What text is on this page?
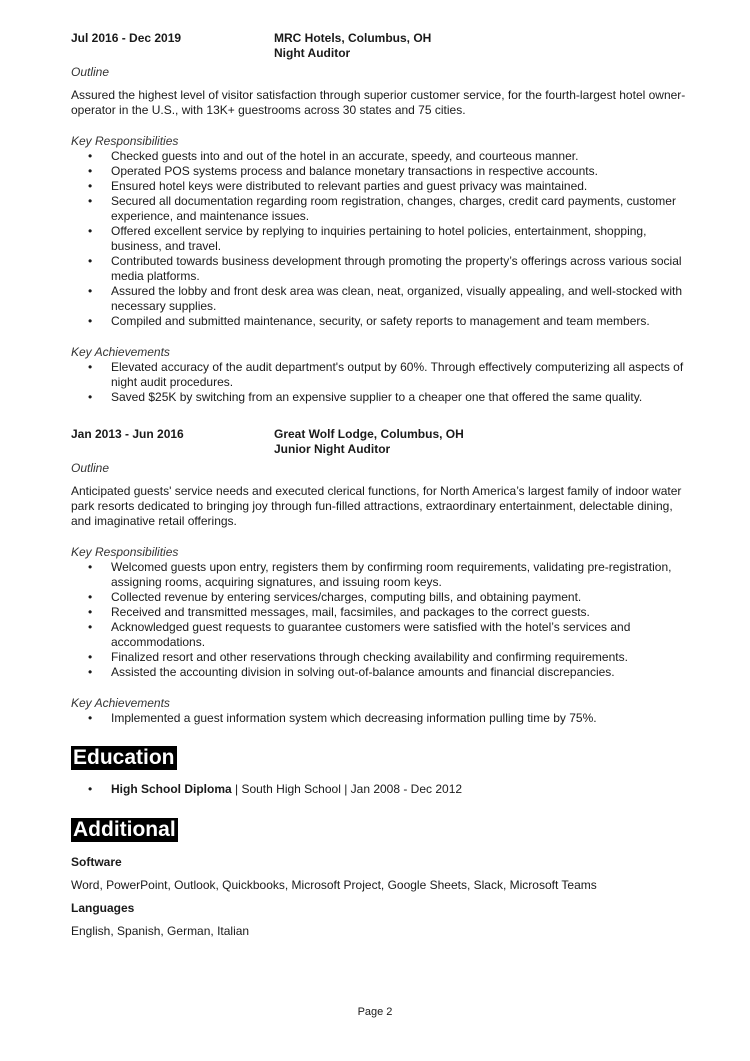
Jul 2016 - Dec 2019	MRC Hotels, Columbus, OH
Night Auditor
Outline
Assured the highest level of visitor satisfaction through superior customer service, for the fourth-largest hotel owner-operator in the U.S., with 13K+ guestrooms across 30 states and 75 cities.
Key Responsibilities
• Checked guests into and out of the hotel in an accurate, speedy, and courteous manner.
• Operated POS systems process and balance monetary transactions in respective accounts.
• Ensured hotel keys were distributed to relevant parties and guest privacy was maintained.
• Secured all documentation regarding room registration, changes, charges, credit card payments, customer experience, and maintenance issues.
• Offered excellent service by replying to inquiries pertaining to hotel policies, entertainment, shopping, business, and travel.
• Contributed towards business development through promoting the property’s offerings across various social media platforms.
• Assured the lobby and front desk area was clean, neat, organized, visually appealing, and well-stocked with necessary supplies.
• Compiled and submitted maintenance, security, or safety reports to management and team members.
Key Achievements
• Elevated accuracy of the audit department's output by 60%. Through effectively computerizing all aspects of night audit procedures.
• Saved $25K by switching from an expensive supplier to a cheaper one that offered the same quality.
Jan 2013 - Jun 2016	Great Wolf Lodge, Columbus, OH
Junior Night Auditor
Outline
Anticipated guests' service needs and executed clerical functions, for North America’s largest family of indoor water park resorts dedicated to bringing joy through fun-filled attractions, extraordinary entertainment, delectable dining, and imaginative retail offerings.
Key Responsibilities
• Welcomed guests upon entry, registers them by confirming room requirements, validating pre-registration, assigning rooms, acquiring signatures, and issuing room keys.
• Collected revenue by entering services/charges, computing bills, and obtaining payment.
• Received and transmitted messages, mail, facsimiles, and packages to the correct guests.
• Acknowledged guest requests to guarantee customers were satisfied with the hotel’s services and accommodations.
• Finalized resort and other reservations through checking availability and confirming requirements.
• Assisted the accounting division in solving out-of-balance amounts and financial discrepancies.
Key Achievements
• Implemented a guest information system which decreasing information pulling time by 75%.
Education
• High School Diploma | South High School | Jan 2008 - Dec 2012
Additional
Software
Word, PowerPoint, Outlook, Quickbooks, Microsoft Project, Google Sheets, Slack, Microsoft Teams
Languages
English, Spanish, German, Italian
Page 2
